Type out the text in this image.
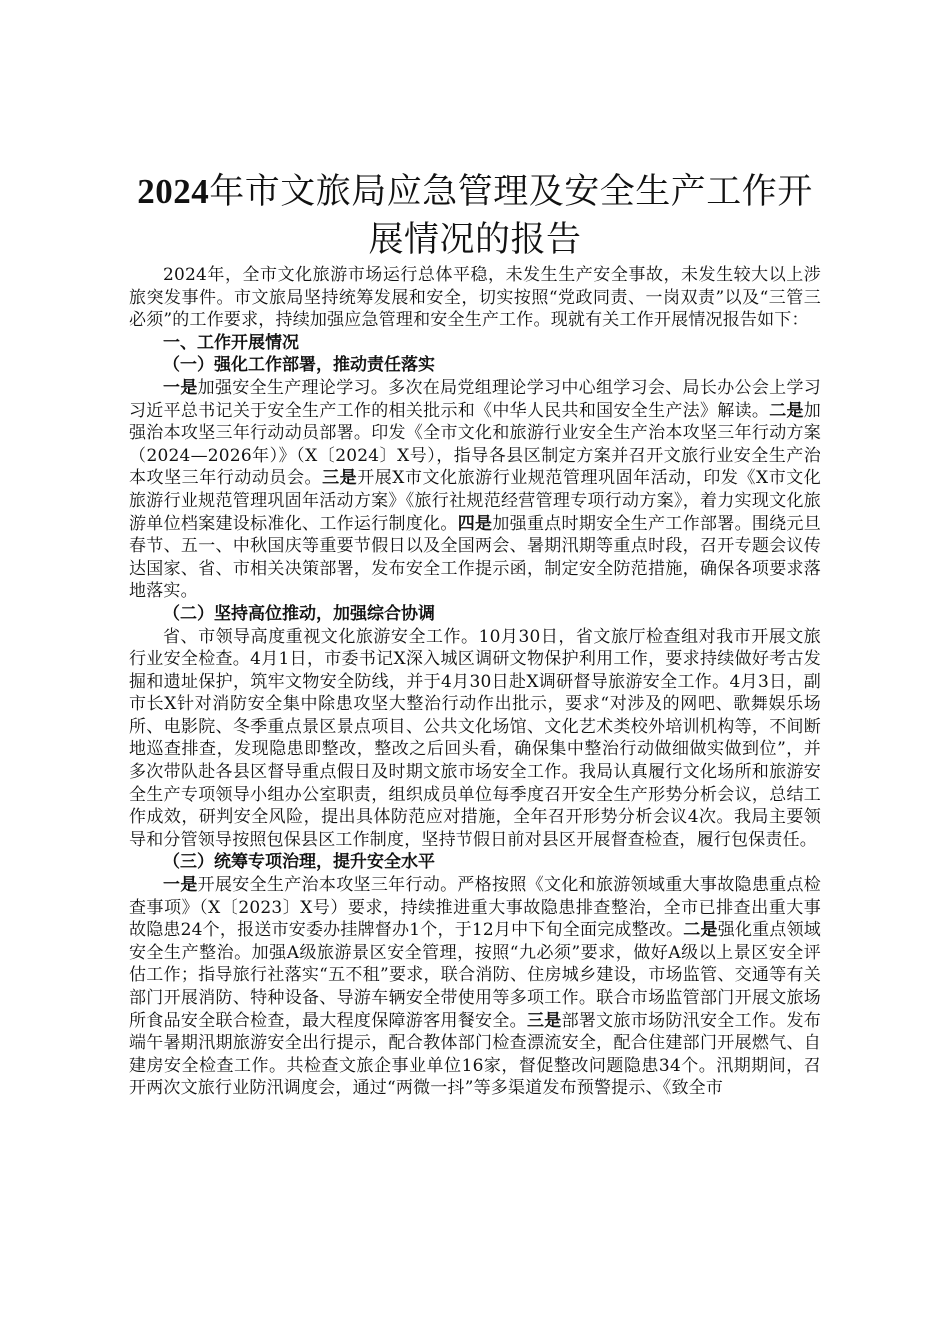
2024年市文旅局应急管理及安全生产工作开展情况的报告

2024年，全市文化旅游市场运行总体平稳，未发生生产安全事故，未发生较大以上涉旅突发事件。市文旅局坚持统筹发展和安全，切实按照“党政同责、一岗双责”以及“三管三必须”的工作要求，持续加强应急管理和安全生产工作。现就有关工作开展情况报告如下：

一、工作开展情况

（一）强化工作部署，推动责任落实

一是加强安全生产理论学习。多次在局党组理论学习中心组学习会、局长办公会上学习习近平总书记关于安全生产工作的相关批示和《中华人民共和国安全生产法》解读。二是加强治本攻坚三年行动动员部署。印发《全市文化和旅游行业安全生产治本攻坚三年行动方案（2024—2026年）》（X〔2024〕X号），指导各县区制定方案并召开文旅行业安全生产治本攻坚三年行动动员会。三是开展X市文化旅游行业规范管理巩固年活动，印发《X市文化旅游行业规范管理巩固年活动方案》《旅行社规范经营管理专项行动方案》，着力实现文化旅游单位档案建设标准化、工作运行制度化。四是加强重点时期安全生产工作部署。围绕元旦春节、五一、中秋国庆等重要节假日以及全国两会、暑期汛期等重点时段，召开专题会议传达国家、省、市相关决策部署，发布安全工作提示函，制定安全防范措施，确保各项要求落地落实。

（二）坚持高位推动，加强综合协调

省、市领导高度重视文化旅游安全工作。10月30日，省文旅厅检查组对我市开展文旅行业安全检查。4月1日，市委书记X深入城区调研文物保护利用工作，要求持续做好考古发掘和遗址保护，筑牢文物安全防线，并于4月30日赴X调研督导旅游安全工作。4月3日，副市长X针对消防安全集中除患攻坚大整治行动作出批示，要求“对涉及的网吧、歌舞娱乐场所、电影院、冬季重点景区景点项目、公共文化场馆、文化艺术类校外培训机构等，不间断地巡查排查，发现隐患即整改，整改之后回头看，确保集中整治行动做细做实做到位”，并多次带队赴各县区督导重点假日及时期文旅市场安全工作。我局认真履行文化场所和旅游安全生产专项领导小组办公室职责，组织成员单位每季度召开安全生产形势分析会议，总结工作成效，研判安全风险，提出具体防范应对措施，全年召开形势分析会议4次。我局主要领导和分管领导按照包保县区工作制度，坚持节假日前对县区开展督查检查，履行包保责任。

（三）统筹专项治理，提升安全水平

一是开展安全生产治本攻坚三年行动。严格按照《文化和旅游领域重大事故隐患重点检查事项》（X〔2023〕X号）要求，持续推进重大事故隐患排查整治，全市已排查出重大事故隐患24个，报送市安委办挂牌督办1个，于12月中下旬全面完成整改。二是强化重点领域安全生产整治。加强A级旅游景区安全管理，按照“九必须”要求，做好A级以上景区安全评估工作；指导旅行社落实“五不租”要求，联合消防、住房城乡建设，市场监管、交通等有关部门开展消防、特种设备、导游车辆安全带使用等多项工作。联合市场监管部门开展文旅场所食品安全联合检查，最大程度保障游客用餐安全。三是部署文旅市场防汛安全工作。发布端午暑期汛期旅游安全出行提示，配合教体部门检查漂流安全，配合住建部门开展燃气、自建房安全检查工作。共检查文旅企事业单位16家，督促整改问题隐患34个。汛期期间，召开两次文旅行业防汛调度会，通过“两微一抖”等多渠道发布预警提示、《致全市
